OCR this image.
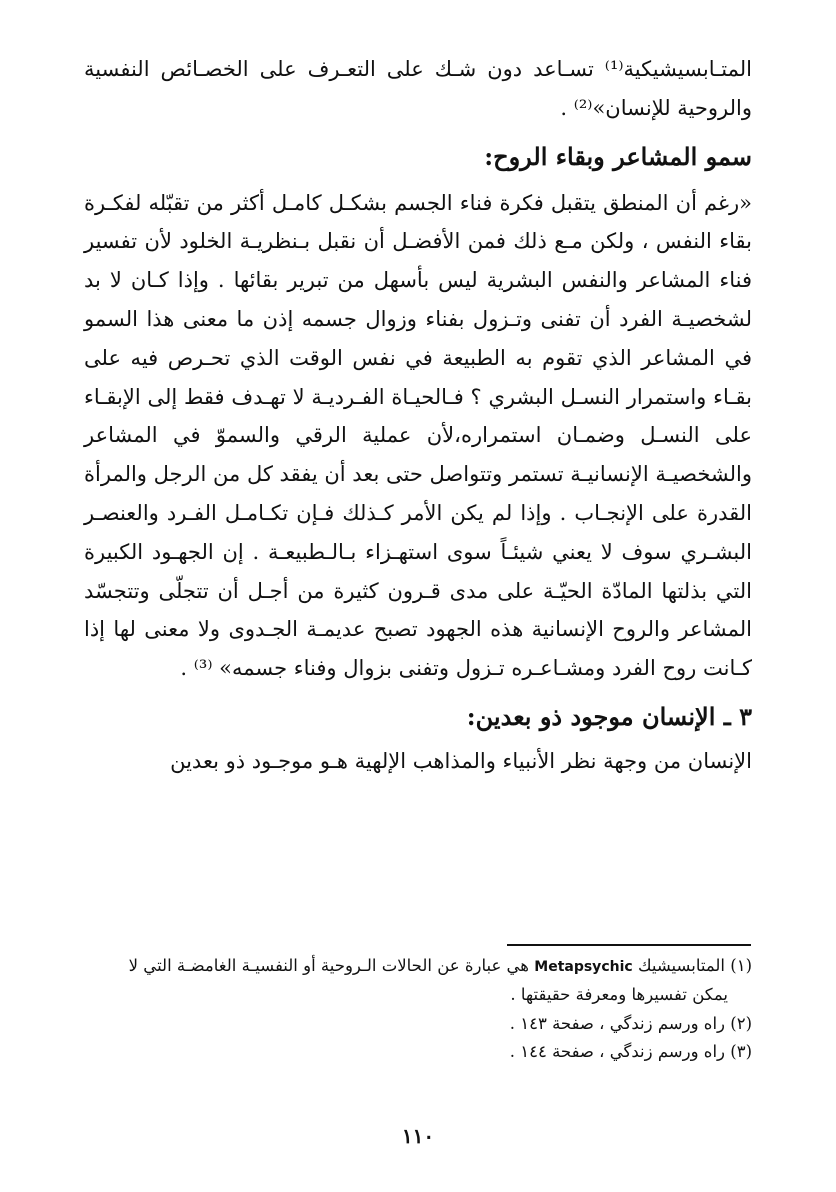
المتـابسيشيكية⁽¹⁾ تسـاعد دون شـك على التعـرف على الخصـائص النفسية والروحية للإنسان»⁽²⁾ .

سمو المشاعر وبقاء الروح:

«رغم أن المنطق يتقبل فكرة فناء الجسم بشكـل كامـل أكثر من تقبّله لفكـرة بقاء النفس ، ولكن مـع ذلك فمن الأفضـل أن نقبل بـنظريـة الخلود لأن تفسير فناء المشاعر والنفس البشرية ليس بأسهل من تبرير بقائها . وإذا كـان لا بد لشخصيـة الفرد أن تفنى وتـزول بفناء وزوال جسمه إذن ما معنى هذا السمو في المشاعر الذي تقوم به الطبيعة في نفس الوقت الذي تحـرص فيه على بقـاء واستمرار النسـل البشري ؟ فـالحيـاة الفـرديـة لا تهـدف فقط إلى الإبقـاء على النسـل وضمـان استمراره،لأن عملية الرقي والسموّ في المشاعر والشخصيـة الإنسانيـة تستمر وتتواصل حتى بعد أن يفقد كل من الرجل والمرأة القدرة على الإنجـاب . وإذا لم يكن الأمر كـذلك فـإن تكـامـل الفـرد والعنصـر البشـري سوف لا يعني شيئـاً سوى استهـزاء بـالـطبيعـة . إن الجهـود الكبيرة التي بذلتها المادّة الحيّـة على مدى قـرون كثيرة من أجـل أن تتجلّى وتتجسّد المشاعر والروح الإنسانية هذه الجهود تصبح عديمـة الجـدوى ولا معنى لها إذا كـانت روح الفرد ومشـاعـره تـزول وتفنى بزوال وفناء جسمه» ⁽³⁾ .

٣ ـ الإنسان موجود ذو بعدين:

الإنسان من وجهة نظر الأنبياء والمذاهب الإلهية هـو موجـود ذو بعدين

(١) المتابسيشيك Metapsychic هي عبارة عن الحالات الـروحية أو النفسيـة الغامضـة التي لا

يمكن تفسيرها ومعرفة حقيقتها .

(٢) راه ورسم زندگي ، صفحة ١٤٣ .

(٣) راه ورسم زندگي ، صفحة ١٤٤ .

١١٠
